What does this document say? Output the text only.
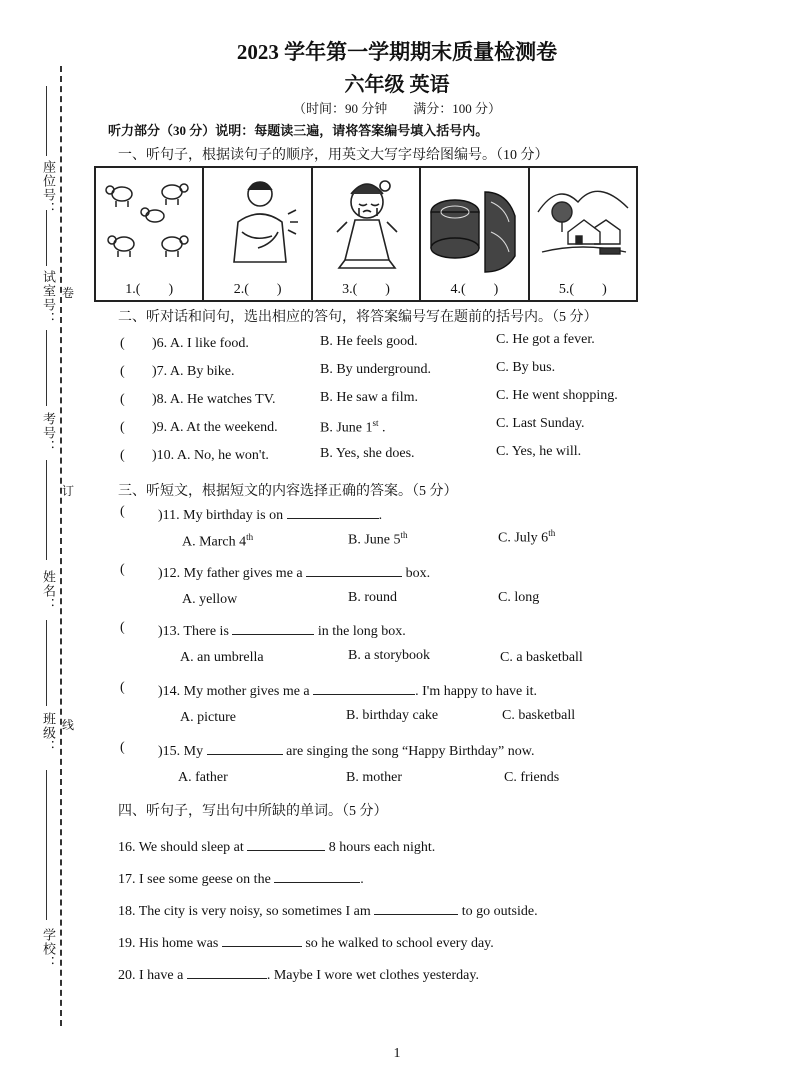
座位号：
试室号：
考号：
姓名：
班级：
学校：
卷
订
线
2023 学年第一学期期末质量检测卷
六年级 英语
（时间：90 分钟　　满分：100 分）
听力部分（30 分）说明：每题读三遍，请将答案编号填入括号内。
一、听句子，根据读句子的顺序，用英文大写字母给图编号。（10 分）
1.(　　)	2.(　　)	3.(　　)	4.(　　)	5.(　　)
二、听对话和问句，选出相应的答句，将答案编号写在题前的括号内。（5 分）
( )6. A. I like food.	B. He feels good.	C. He got a fever.
( )7. A. By bike.	B. By underground.	C. By bus.
( )8. A. He watches TV.	B. He saw a film.	C. He went shopping.
( )9. A. At the weekend.	B. June 1st .	C. Last Sunday.
( )10. A. No, he won't.	B. Yes, she does.	C. Yes, he will.
三、听短文，根据短文的内容选择正确的答案。（5 分）
( )11. My birthday is on	.
A. March 4th	B. June 5th	C. July 6th
( )12. My father gives me a	box.
A. yellow	B. round	C. long
( )13. There is	in the long box.
A. an umbrella	B. a storybook	C. a basketball
( )14. My mother gives me a	. I'm happy to have it.
A. picture	B. birthday cake	C. basketball
( )15. My	are singing the song “Happy Birthday” now.
A. father	B. mother	C. friends
四、听句子，写出句中所缺的单词。（5 分）
16. We should sleep at	8 hours each night.
17. I see some geese on the	.
18. The city is very noisy, so sometimes I am	to go outside.
19. His home was	so he walked to school every day.
20. I have a	. Maybe I wore wet clothes yesterday.
1
